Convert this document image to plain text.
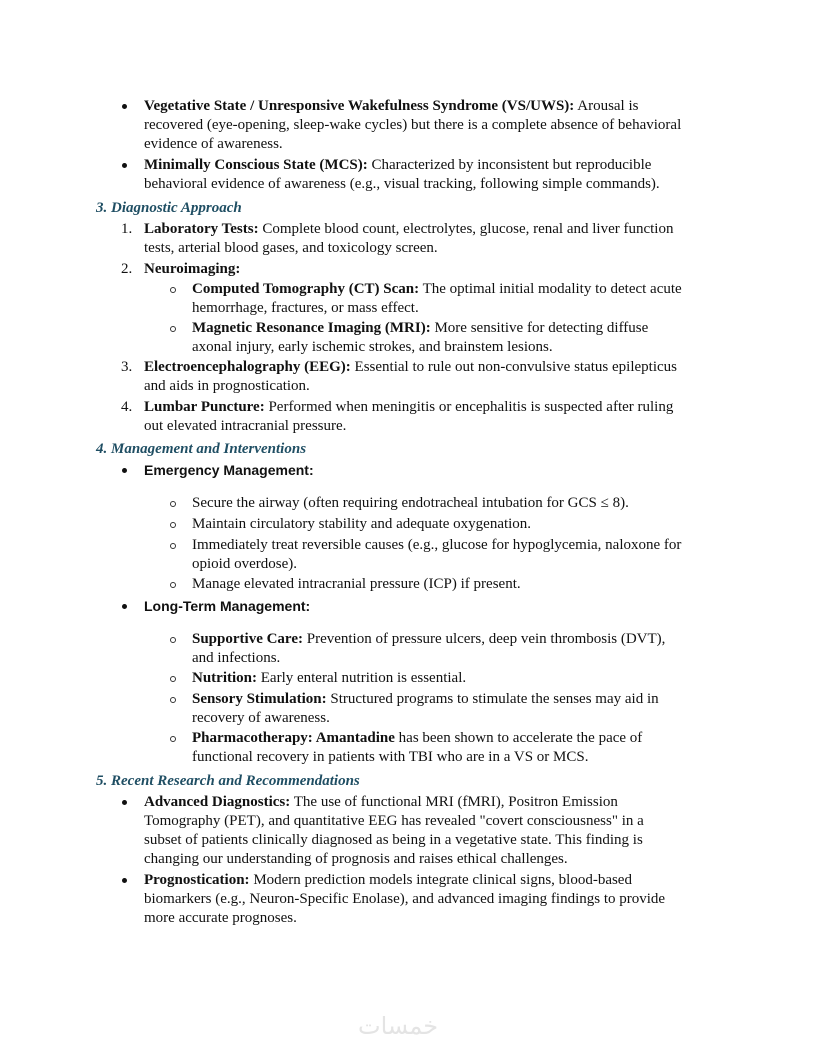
Vegetative State / Unresponsive Wakefulness Syndrome (VS/UWS): Arousal is
recovered (eye-opening, sleep-wake cycles) but there is a complete absence of behavioral
evidence of awareness.
Minimally Conscious State (MCS): Characterized by inconsistent but reproducible
behavioral evidence of awareness (e.g., visual tracking, following simple commands).
3. Diagnostic Approach
1. Laboratory Tests: Complete blood count, electrolytes, glucose, renal and liver function
tests, arterial blood gases, and toxicology screen.
2. Neuroimaging:
Computed Tomography (CT) Scan: The optimal initial modality to detect acute
hemorrhage, fractures, or mass effect.
Magnetic Resonance Imaging (MRI): More sensitive for detecting diffuse
axonal injury, early ischemic strokes, and brainstem lesions.
3. Electroencephalography (EEG): Essential to rule out non-convulsive status epilepticus
and aids in prognostication.
4. Lumbar Puncture: Performed when meningitis or encephalitis is suspected after ruling
out elevated intracranial pressure.
4. Management and Interventions
Emergency Management:
Secure the airway (often requiring endotracheal intubation for GCS ≤ 8).
Maintain circulatory stability and adequate oxygenation.
Immediately treat reversible causes (e.g., glucose for hypoglycemia, naloxone for
opioid overdose).
Manage elevated intracranial pressure (ICP) if present.
Long-Term Management:
Supportive Care: Prevention of pressure ulcers, deep vein thrombosis (DVT),
and infections.
Nutrition: Early enteral nutrition is essential.
Sensory Stimulation: Structured programs to stimulate the senses may aid in
recovery of awareness.
Pharmacotherapy: Amantadine has been shown to accelerate the pace of
functional recovery in patients with TBI who are in a VS or MCS.
5. Recent Research and Recommendations
Advanced Diagnostics: The use of functional MRI (fMRI), Positron Emission
Tomography (PET), and quantitative EEG has revealed "covert consciousness" in a
subset of patients clinically diagnosed as being in a vegetative state. This finding is
changing our understanding of prognosis and raises ethical challenges.
Prognostication: Modern prediction models integrate clinical signs, blood-based
biomarkers (e.g., Neuron-Specific Enolase), and advanced imaging findings to provide
more accurate prognoses.
خمسات
